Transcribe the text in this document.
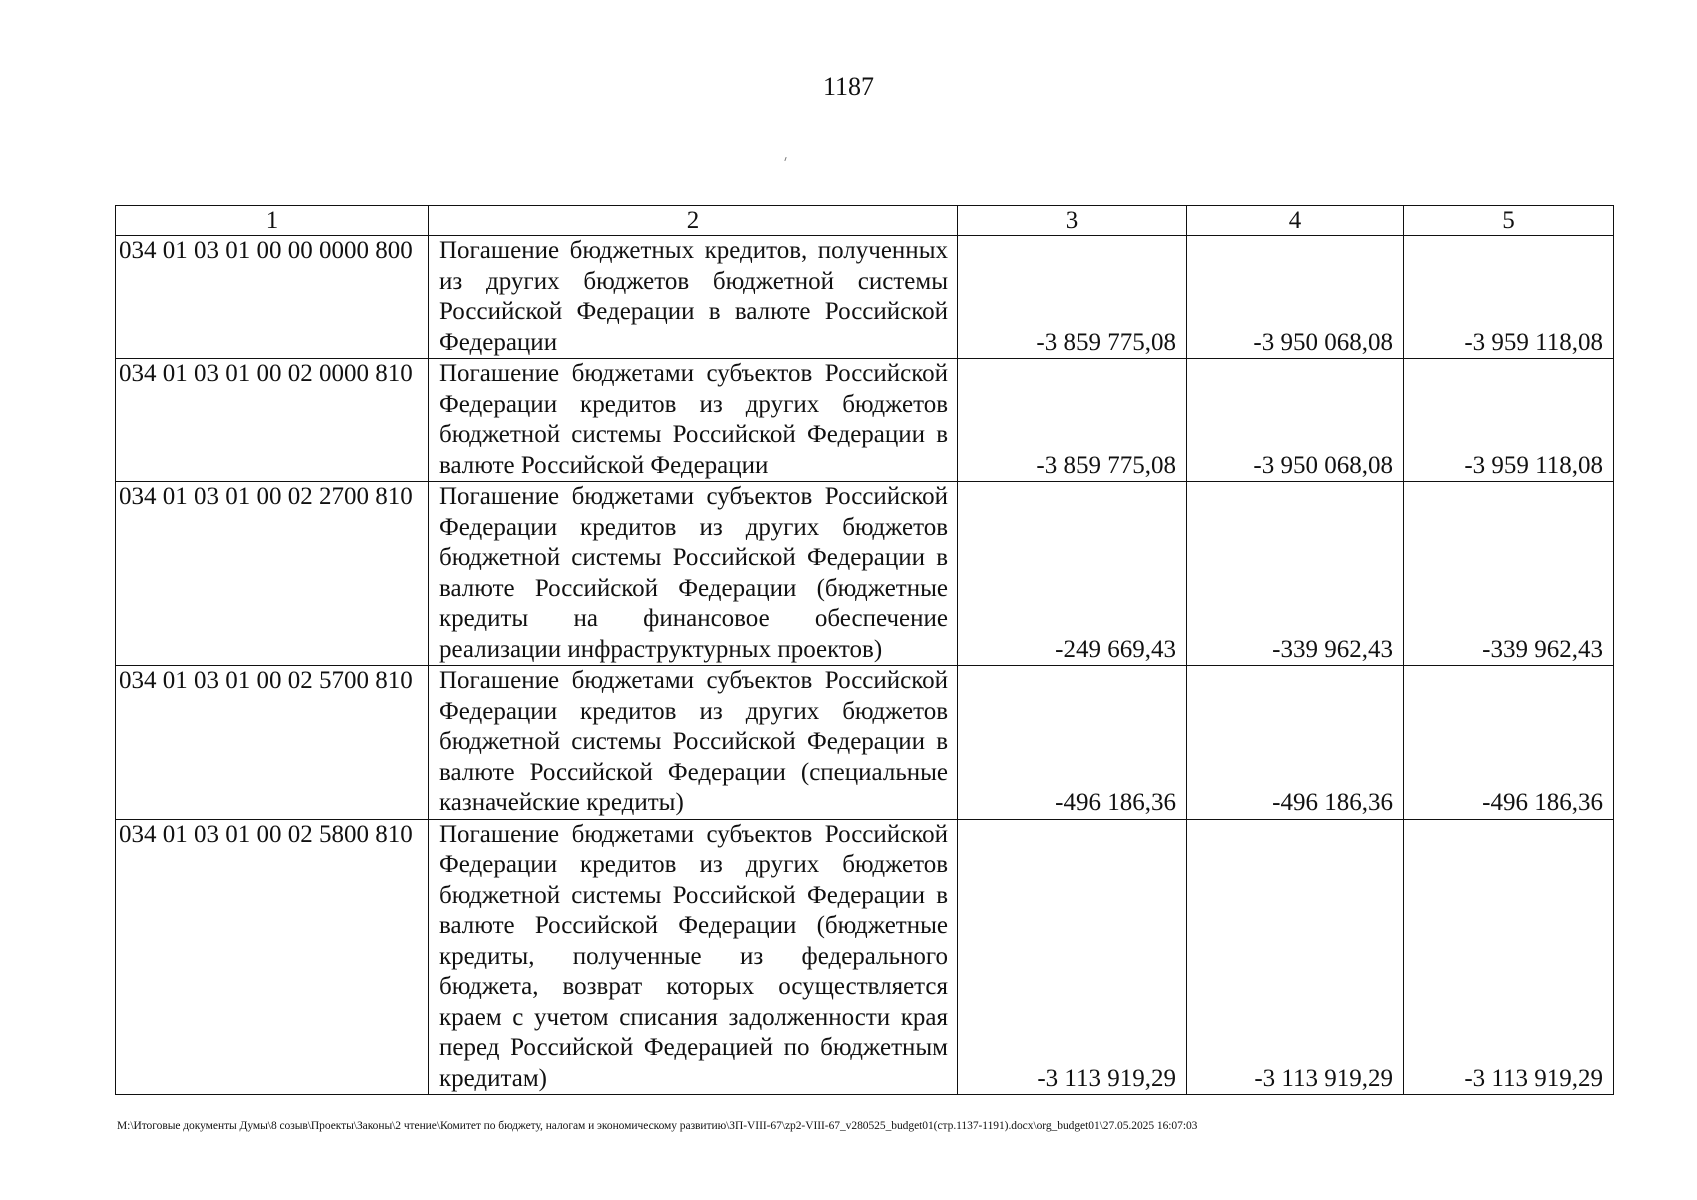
1187
1	2	3	4	5
034 01 03 01 00 00 0000 800	Погашение бюджетных кредитов, полученных из других бюджетов бюджетной системы Российской Федерации в валюте Российской Федерации	-3 859 775,08	-3 950 068,08	-3 959 118,08
034 01 03 01 00 02 0000 810	Погашение бюджетами субъектов Российской Федерации кредитов из других бюджетов бюджетной системы Российской Федерации в валюте Российской Федерации	-3 859 775,08	-3 950 068,08	-3 959 118,08
034 01 03 01 00 02 2700 810	Погашение бюджетами субъектов Российской Федерации кредитов из других бюджетов бюджетной системы Российской Федерации в валюте Российской Федерации (бюджетные кредиты на финансовое обеспечение реализации инфраструктурных проектов)	-249 669,43	-339 962,43	-339 962,43
034 01 03 01 00 02 5700 810	Погашение бюджетами субъектов Российской Федерации кредитов из других бюджетов бюджетной системы Российской Федерации в валюте Российской Федерации (специальные казначейские кредиты)	-496 186,36	-496 186,36	-496 186,36
034 01 03 01 00 02 5800 810	Погашение бюджетами субъектов Российской Федерации кредитов из других бюджетов бюджетной системы Российской Федерации в валюте Российской Федерации (бюджетные кредиты, полученные из федерального бюджета, возврат которых осуществляется краем с учетом списания задолженности края перед Российской Федерацией по бюджетным кредитам)	-3 113 919,29	-3 113 919,29	-3 113 919,29
M:\Итоговые документы Думы\8 созыв\Проекты\Законы\2 чтение\Комитет по бюджету, налогам и экономическому развитию\ЗП-VIII-67\zp2-VIII-67_v280525_budget01(стр.1137-1191).docx\org_budget01\27.05.2025 16:07:03
